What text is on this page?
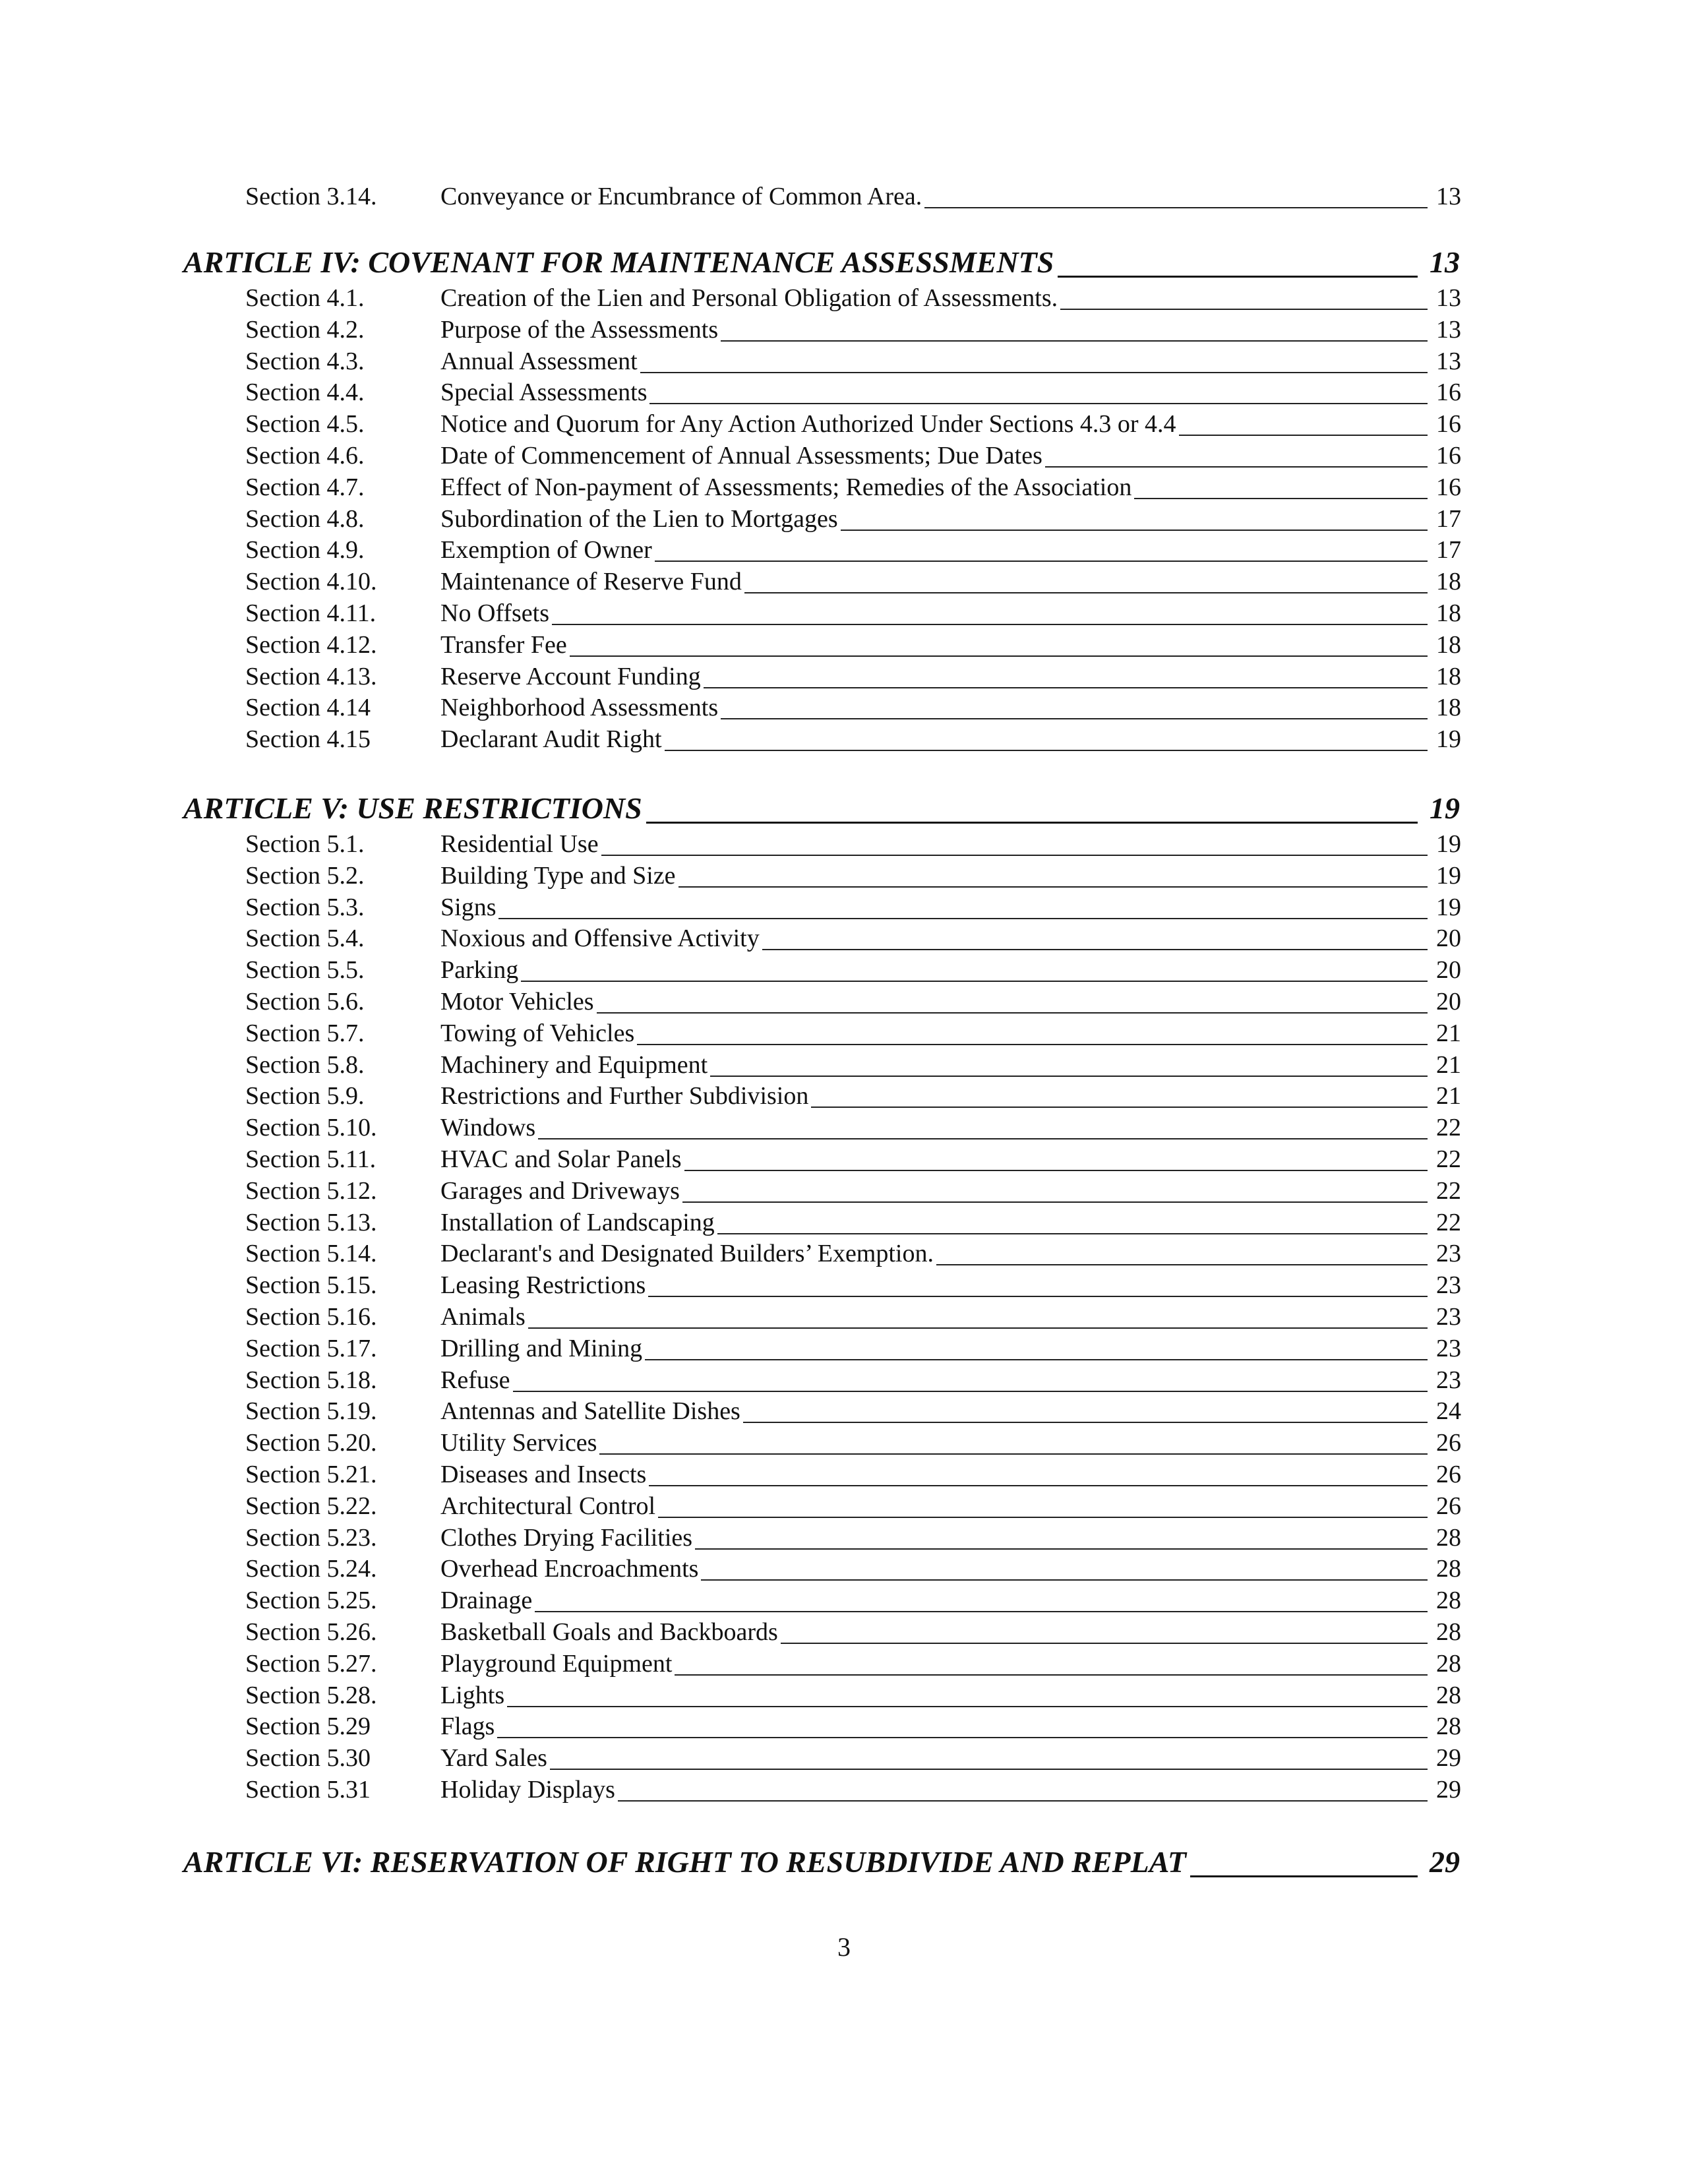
Section 3.14.	Conveyance or Encumbrance of Common Area.	13
ARTICLE IV: COVENANT FOR MAINTENANCE ASSESSMENTS	13
Section 4.1.	Creation of the Lien and Personal Obligation of Assessments.	13
Section 4.2.	Purpose of the Assessments	13
Section 4.3.	Annual Assessment	13
Section 4.4.	Special Assessments	16
Section 4.5.	Notice and Quorum for Any Action Authorized Under Sections 4.3 or 4.4	16
Section 4.6.	Date of Commencement of Annual Assessments; Due Dates	16
Section 4.7.	Effect of Non-payment of Assessments; Remedies of the Association	16
Section 4.8.	Subordination of the Lien to Mortgages	17
Section 4.9.	Exemption of Owner	17
Section 4.10.	Maintenance of Reserve Fund	18
Section 4.11.	No Offsets	18
Section 4.12.	Transfer Fee	18
Section 4.13.	Reserve Account Funding	18
Section 4.14	Neighborhood Assessments	18
Section 4.15	Declarant Audit Right	19
ARTICLE V: USE RESTRICTIONS	19
Section 5.1.	Residential Use	19
Section 5.2.	Building Type and Size	19
Section 5.3.	Signs	19
Section 5.4.	Noxious and Offensive Activity	20
Section 5.5.	Parking	20
Section 5.6.	Motor Vehicles	20
Section 5.7.	Towing of Vehicles	21
Section 5.8.	Machinery and Equipment	21
Section 5.9.	Restrictions and Further Subdivision	21
Section 5.10.	Windows	22
Section 5.11.	HVAC and Solar Panels	22
Section 5.12.	Garages and Driveways	22
Section 5.13.	Installation of Landscaping	22
Section 5.14.	Declarant's and Designated Builders’ Exemption.	23
Section 5.15.	Leasing Restrictions	23
Section 5.16.	Animals	23
Section 5.17.	Drilling and Mining	23
Section 5.18.	Refuse	23
Section 5.19.	Antennas and Satellite Dishes	24
Section 5.20.	Utility Services	26
Section 5.21.	Diseases and Insects	26
Section 5.22.	Architectural Control	26
Section 5.23.	Clothes Drying Facilities	28
Section 5.24.	Overhead Encroachments	28
Section 5.25.	Drainage	28
Section 5.26.	Basketball Goals and Backboards	28
Section 5.27.	Playground Equipment	28
Section 5.28.	Lights	28
Section 5.29	Flags	28
Section 5.30	Yard Sales	29
Section 5.31	Holiday Displays	29
ARTICLE VI: RESERVATION OF RIGHT TO RESUBDIVIDE AND REPLAT	29
3
